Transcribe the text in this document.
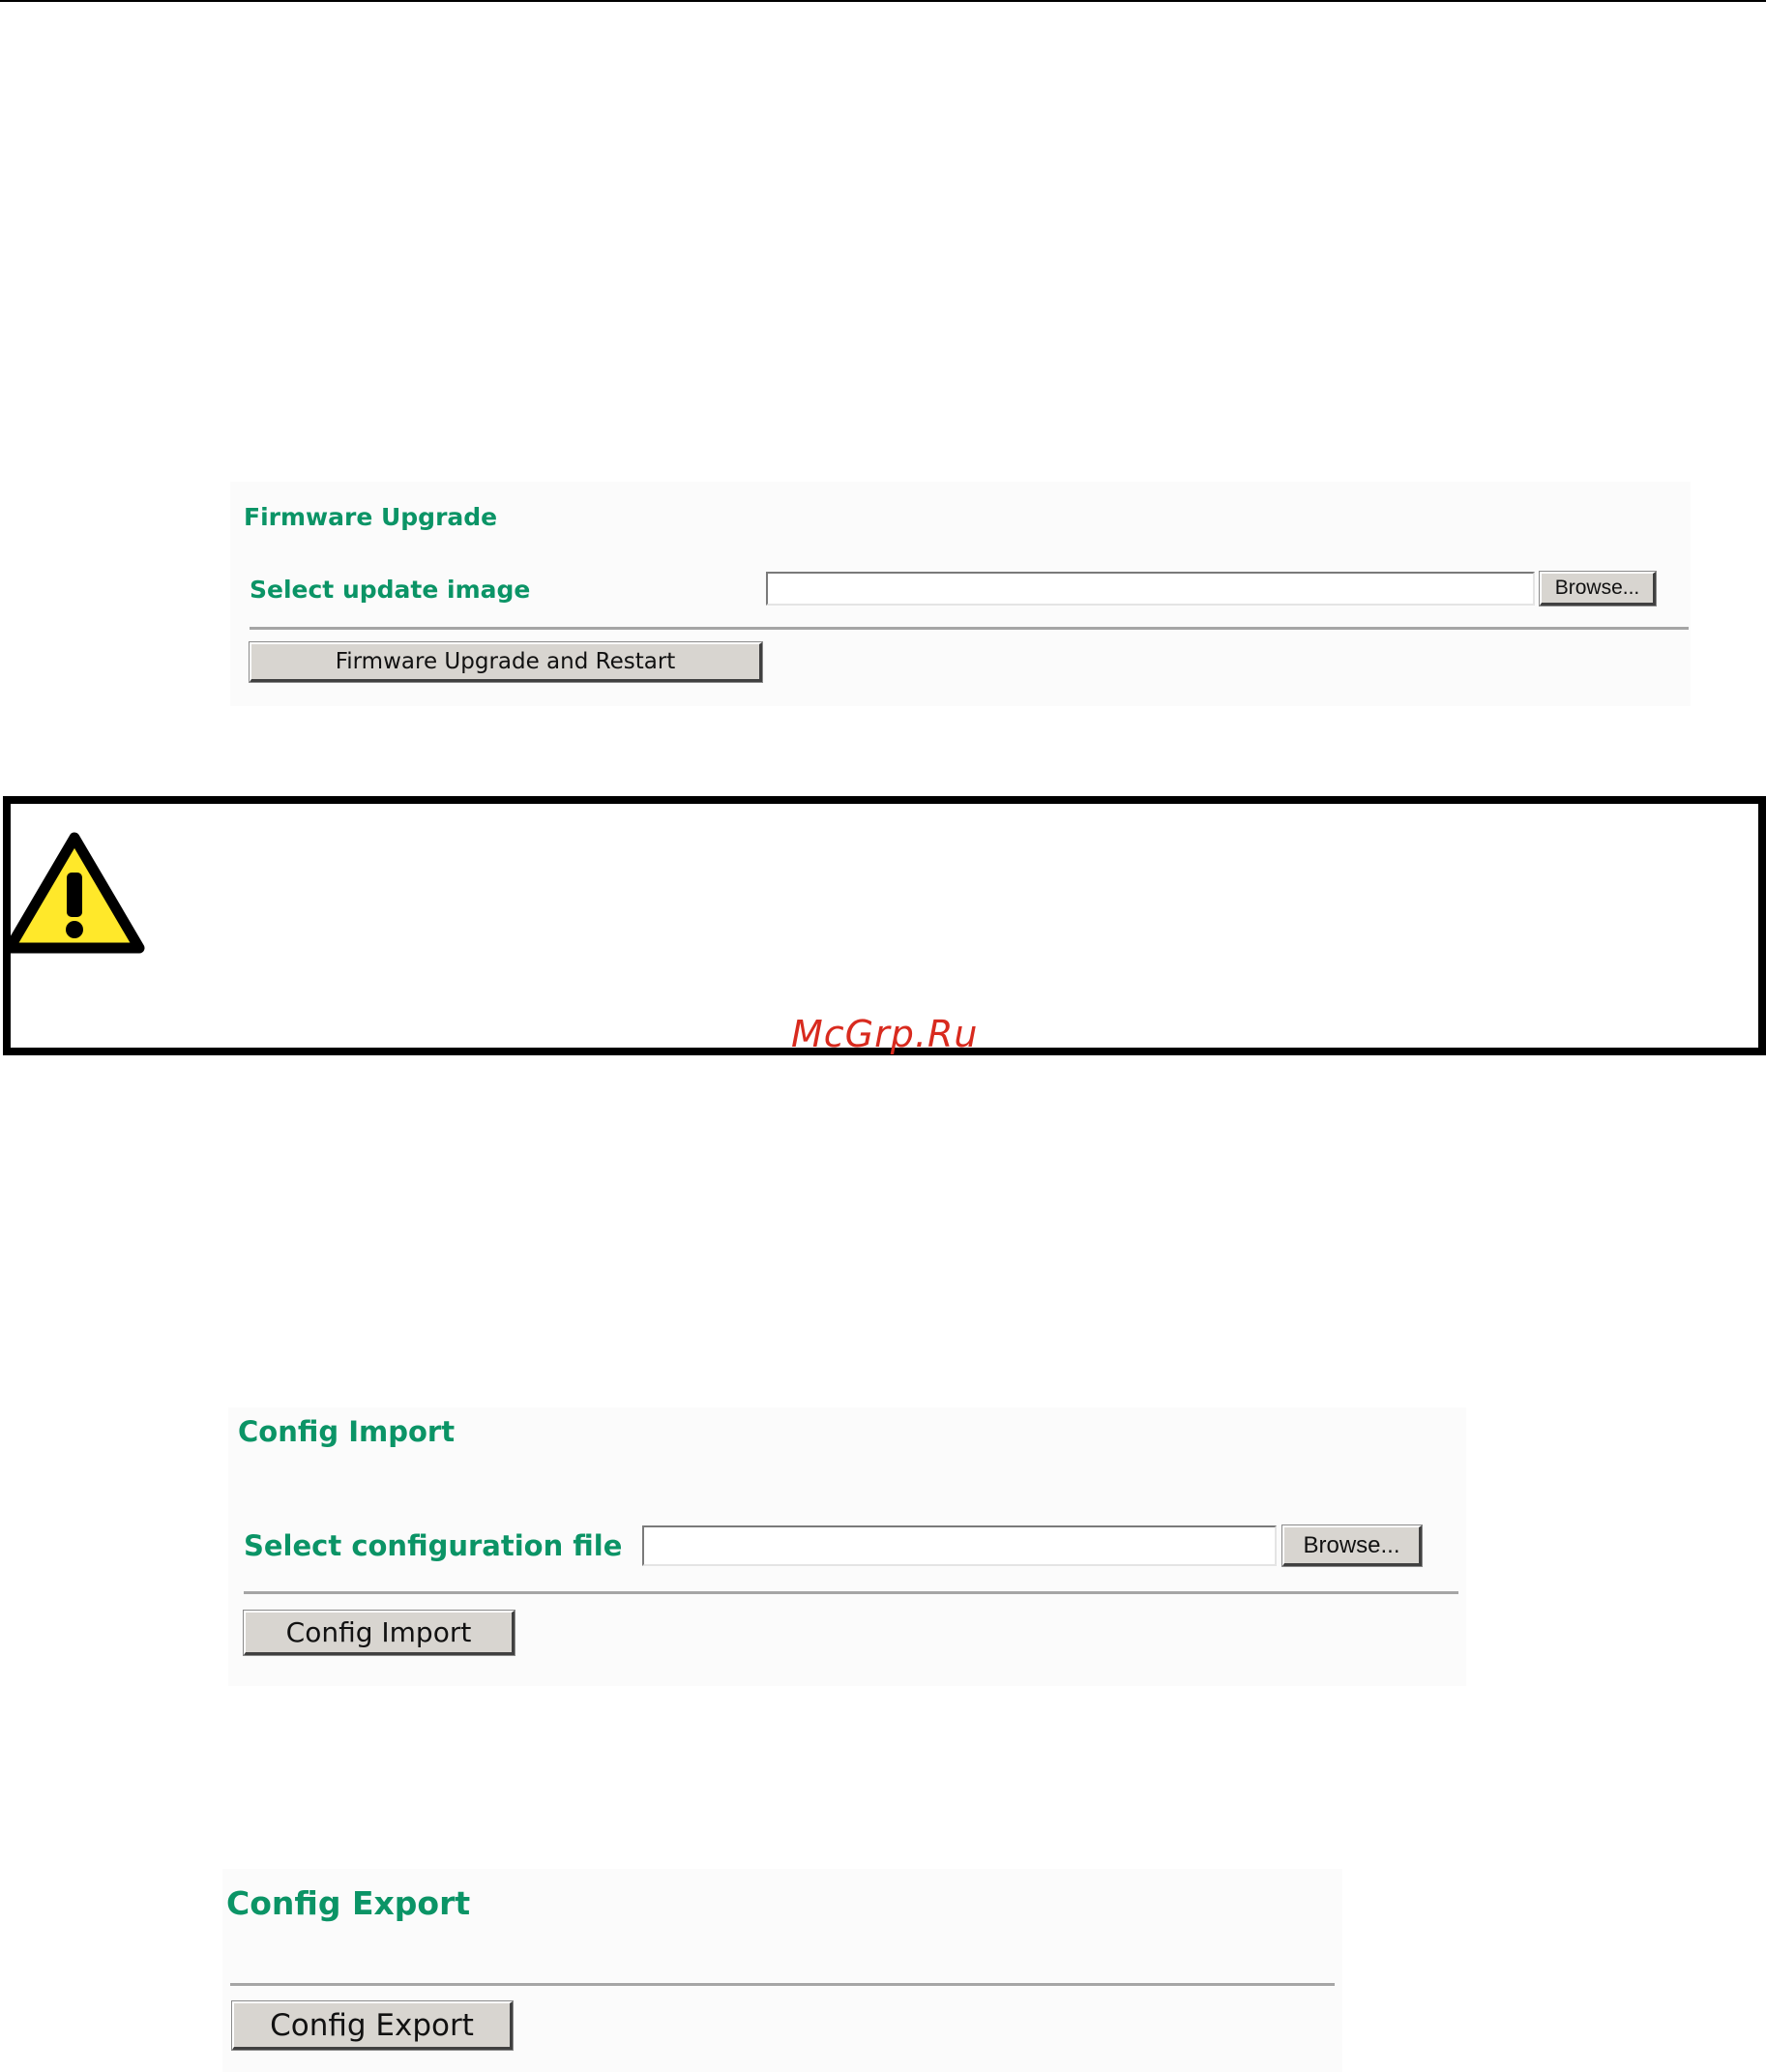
Firmware Upgrade
Select update image	Browse...
Firmware Upgrade and Restart
McGrp.Ru
Config Import
Select configuration file	Browse...
Config Import
Config Export
Config Export
